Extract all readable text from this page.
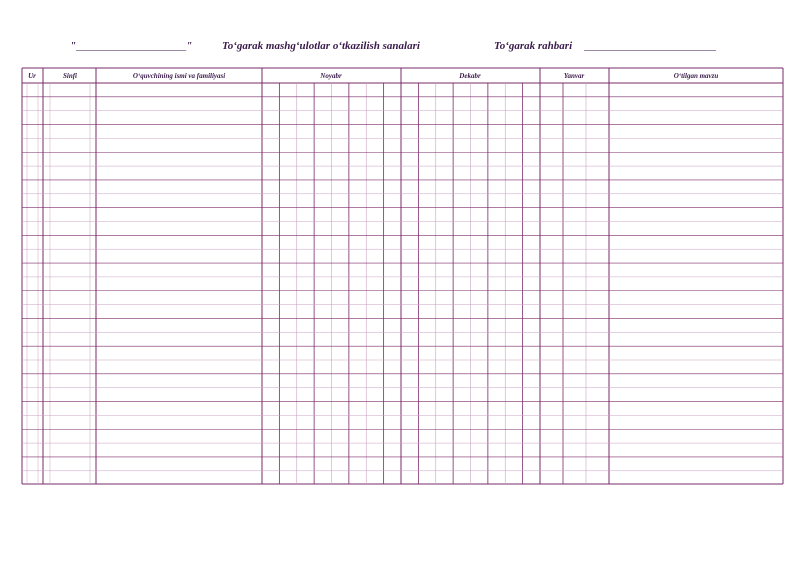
"____________________"	To‘garak mashg‘ulotlar o‘tkazilish sanalari	To‘garak rahbari ________________________
Ur	Sinfi	O‘quvchining ismi va familiyasi	Noyabr	Dekabr	Yanvar	O‘tilgan mavzu
